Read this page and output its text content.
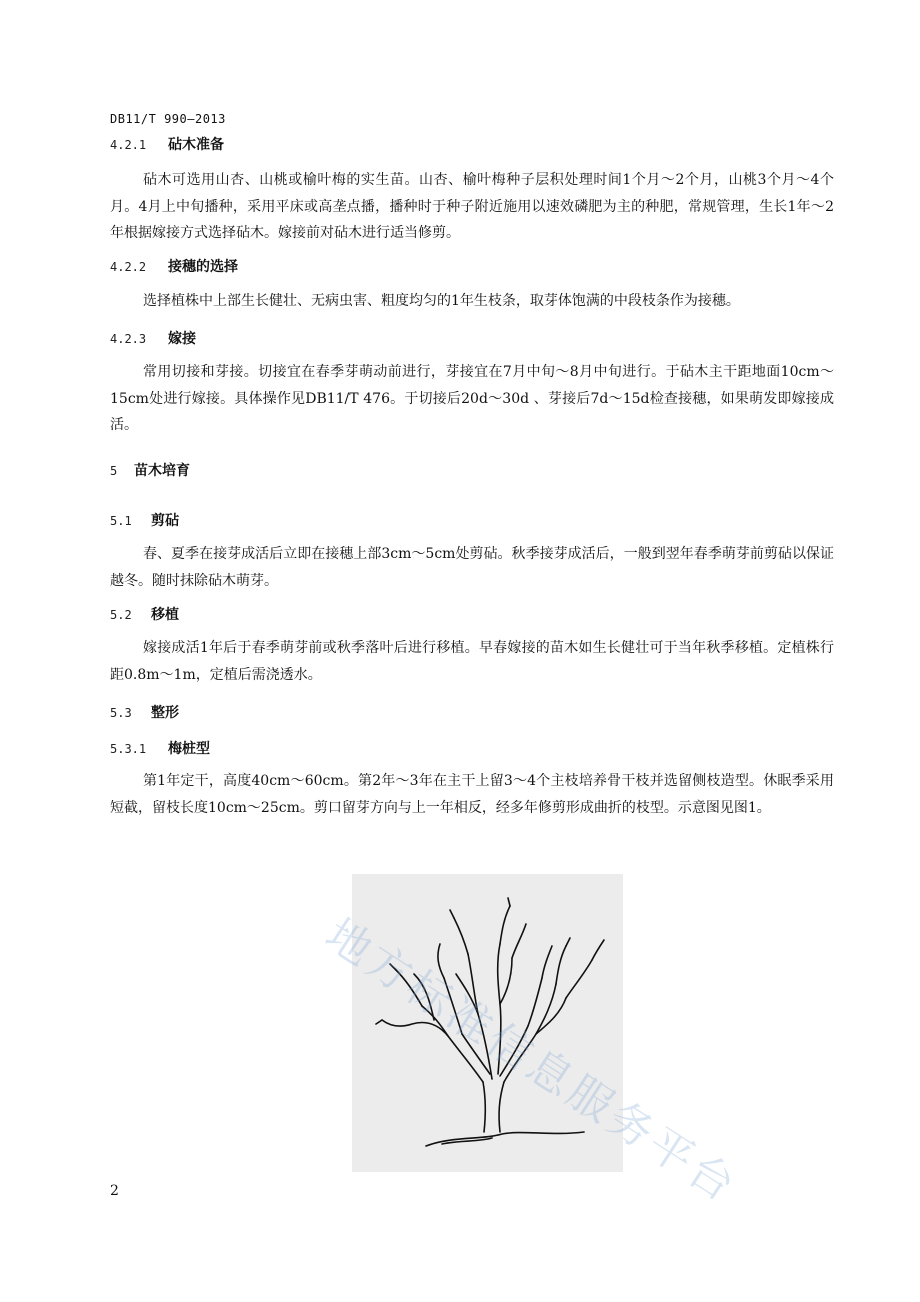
DB11/T 990—2013
4.2.1	砧木准备

砧木可选用山杏、山桃或榆叶梅的实生苗。山杏、榆叶梅种子层积处理时间1个月～2个月，山桃3个月～4个月。4月上中旬播种，采用平床或高垄点播，播种时于种子附近施用以速效磷肥为主的种肥，常规管理，生长1年～2年根据嫁接方式选择砧木。嫁接前对砧木进行适当修剪。

4.2.2	接穗的选择

选择植株中上部生长健壮、无病虫害、粗度均匀的1年生枝条，取芽体饱满的中段枝条作为接穗。

4.2.3	嫁接

常用切接和芽接。切接宜在春季芽萌动前进行，芽接宜在7月中旬～8月中旬进行。于砧木主干距地面10cm～15cm处进行嫁接。具体操作见DB11/T 476。于切接后20d～30d 、芽接后7d～15d检查接穗，如果萌发即嫁接成活。

5	苗木培育
5.1	剪砧

春、夏季在接芽成活后立即在接穗上部3cm～5cm处剪砧。秋季接芽成活后，一般到翌年春季萌芽前剪砧以保证越冬。随时抹除砧木萌芽。

5.2	移植

嫁接成活1年后于春季萌芽前或秋季落叶后进行移植。早春嫁接的苗木如生长健壮可于当年秋季移植。定植株行距0.8m～1m，定植后需浇透水。

5.3	整形
5.3.1	梅桩型

第1年定干，高度40cm～60cm。第2年～3年在主干上留3～4个主枝培养骨干枝并选留侧枝造型。休眠季采用短截，留枝长度10cm～25cm。剪口留芽方向与上一年相反，经多年修剪形成曲折的枝型。示意图见图1。

地方标准信息服务平台
2
